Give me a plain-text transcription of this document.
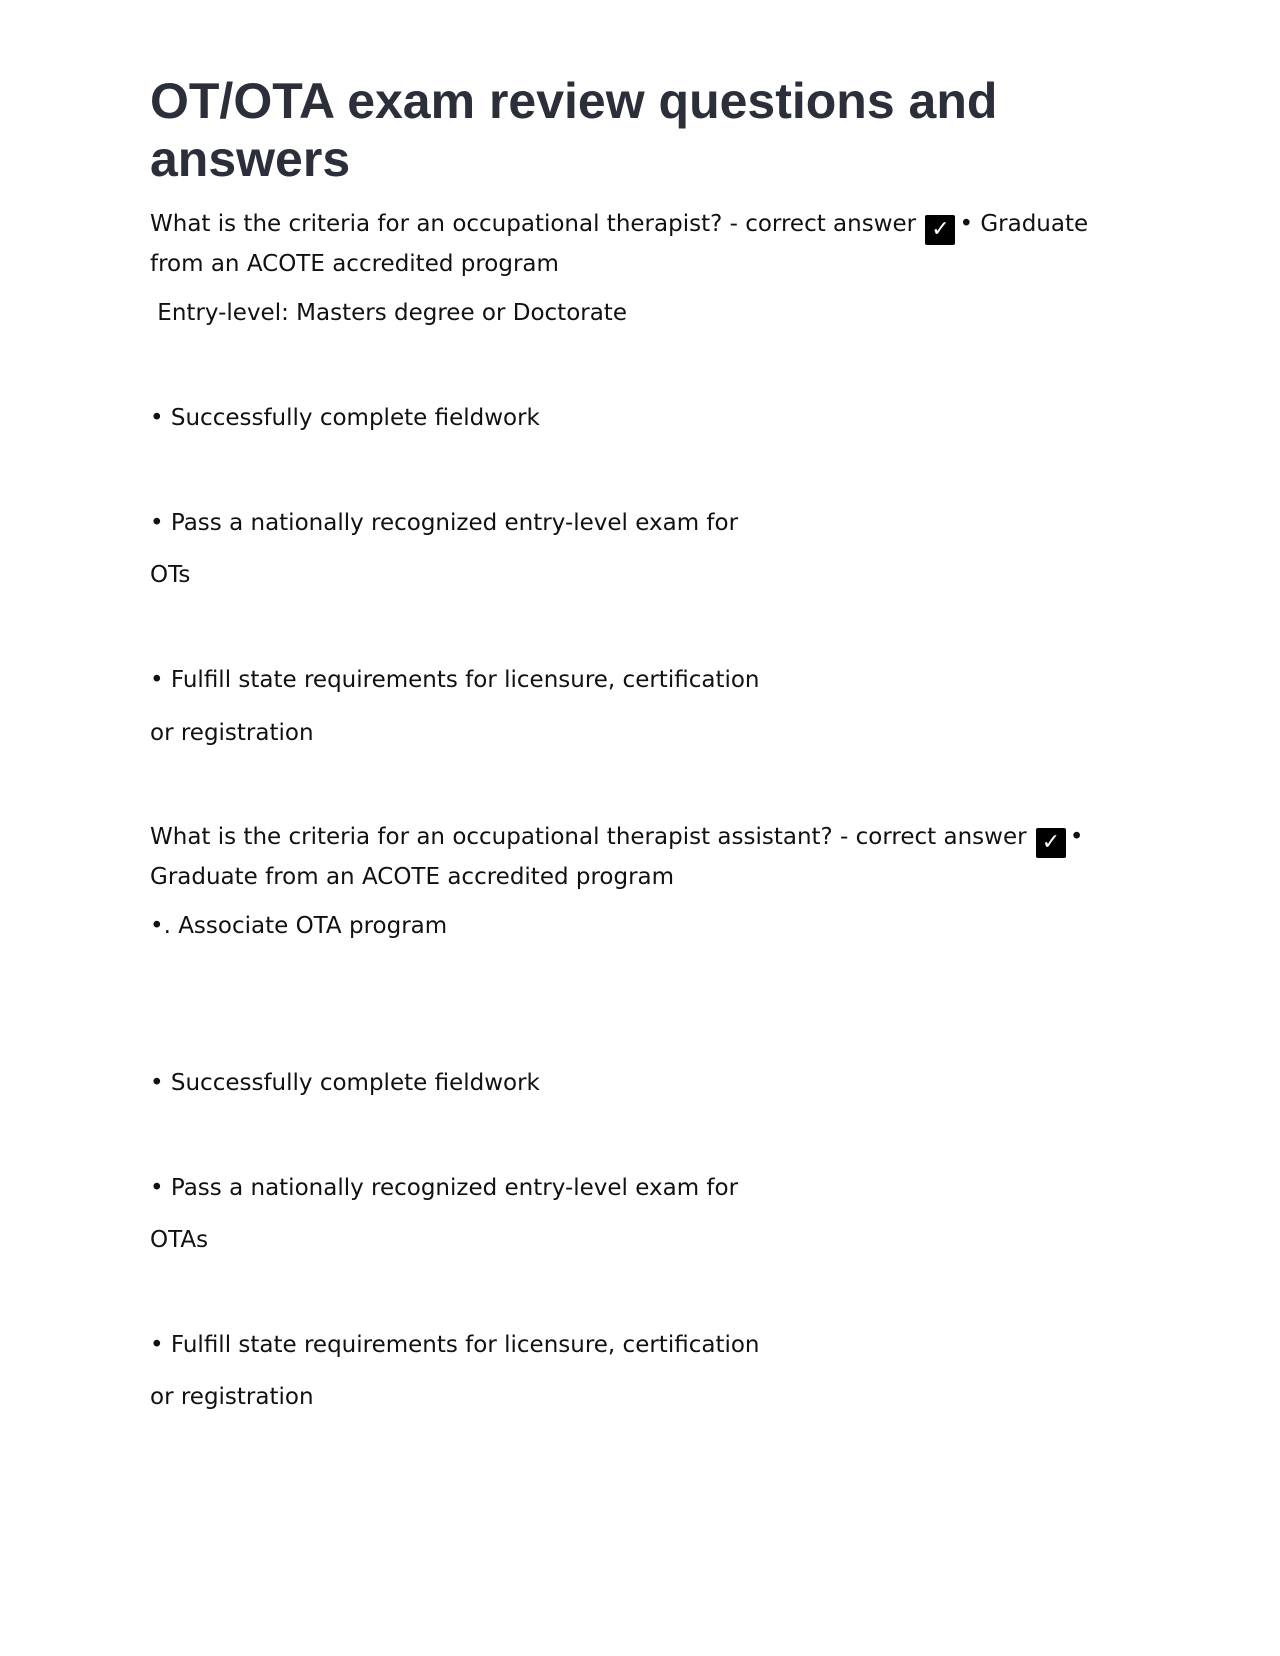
OT/OTA exam review questions and answers

What is the criteria for an occupational therapist? - correct answer ✓ • Graduate from an ACOTE accredited program

Entry-level: Masters degree or Doctorate

• Successfully complete fieldwork

• Pass a nationally recognized entry-level exam for

OTs

• Fulfill state requirements for licensure, certification

or registration

What is the criteria for an occupational therapist assistant? - correct answer ✓ • Graduate from an ACOTE accredited program

•. Associate OTA program

• Successfully complete fieldwork

• Pass a nationally recognized entry-level exam for

OTAs

• Fulfill state requirements for licensure, certification

or registration
